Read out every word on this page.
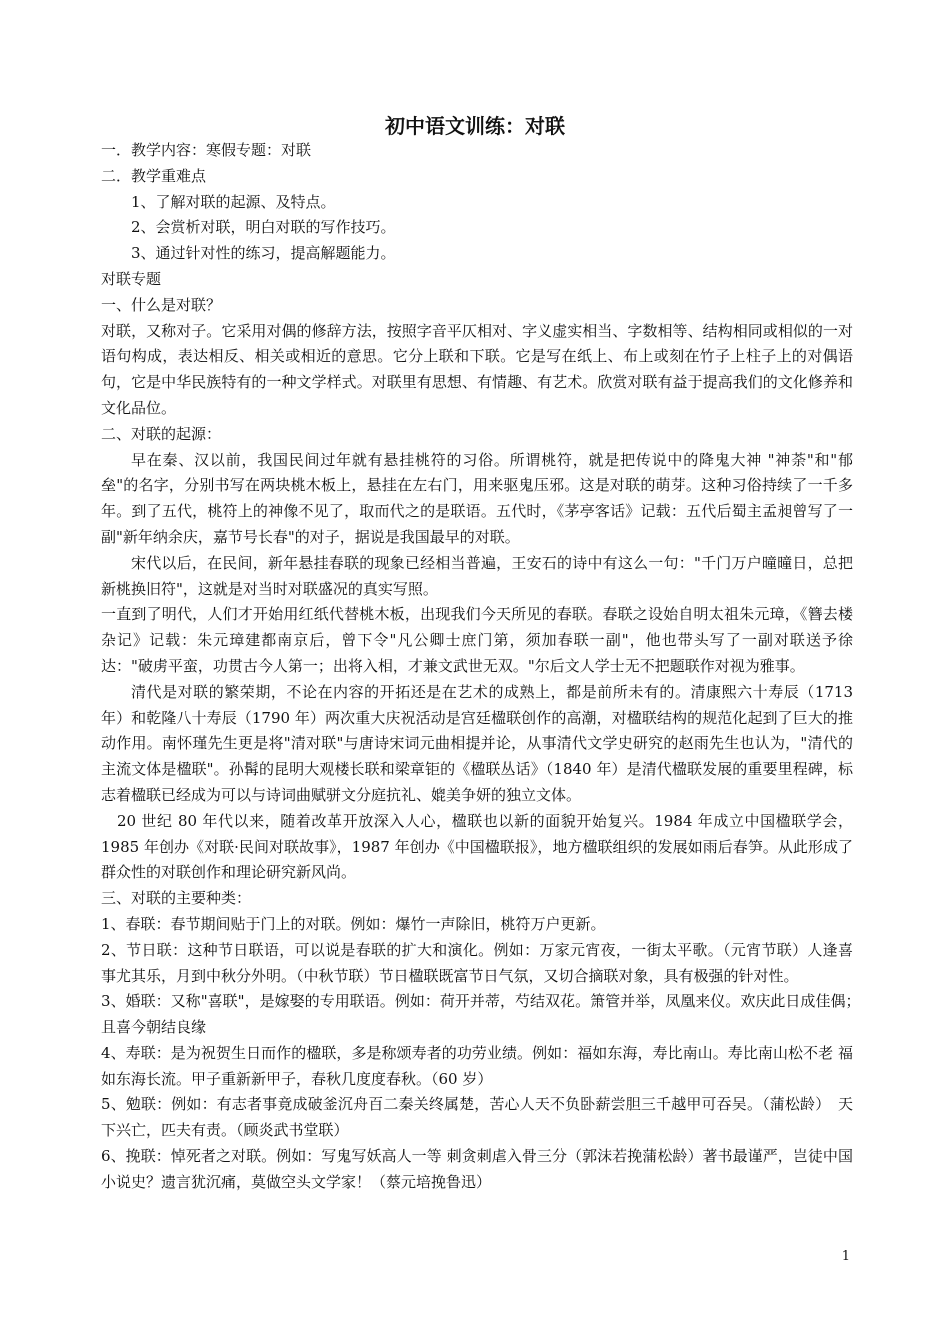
初中语文训练：对联

一．教学内容：寒假专题：对联

二．教学重难点

1、了解对联的起源、及特点。

2、会赏析对联，明白对联的写作技巧。

3、通过针对性的练习，提高解题能力。

对联专题

一、什么是对联？

对联，又称对子。它采用对偶的修辞方法，按照字音平仄相对、字义虚实相当、字数相等、结构相同或相似的一对语句构成，表达相反、相关或相近的意思。它分上联和下联。它是写在纸上、布上或刻在竹子上柱子上的对偶语句，它是中华民族特有的一种文学样式。对联里有思想、有情趣、有艺术。欣赏对联有益于提高我们的文化修养和文化品位。

二、对联的起源：

早在秦、汉以前，我国民间过年就有悬挂桃符的习俗。所谓桃符，就是把传说中的降鬼大神 "神荼"和"郁垒"的名字，分别书写在两块桃木板上，悬挂在左右门，用来驱鬼压邪。这是对联的萌芽。这种习俗持续了一千多年。到了五代，桃符上的神像不见了，取而代之的是联语。五代时，《茅亭客话》记载：五代后蜀主孟昶曾写了一副"新年纳余庆，嘉节号长春"的对子，据说是我国最早的对联。

宋代以后，在民间，新年悬挂春联的现象已经相当普遍，王安石的诗中有这么一句："千门万户曈曈日，总把新桃换旧符"，这就是对当时对联盛况的真实写照。

一直到了明代，人们才开始用红纸代替桃木板，出现我们今天所见的春联。春联之设始自明太祖朱元璋，《簪去楼杂记》记载：朱元璋建都南京后，曾下令"凡公卿士庶门第，须加春联一副"，他也带头写了一副对联送予徐达："破虏平蛮，功贯古今人第一；出将入相，才兼文武世无双。"尔后文人学士无不把题联作对视为雅事。

清代是对联的繁荣期，不论在内容的开拓还是在艺术的成熟上，都是前所未有的。清康熙六十寿辰（1713 年）和乾隆八十寿辰（1790 年）两次重大庆祝活动是宫廷楹联创作的高潮，对楹联结构的规范化起到了巨大的推动作用。南怀瑾先生更是将"清对联"与唐诗宋词元曲相提并论，从事清代文学史研究的赵雨先生也认为，"清代的主流文体是楹联"。孙髯的昆明大观楼长联和梁章钜的《楹联丛话》（1840 年）是清代楹联发展的重要里程碑，标志着楹联已经成为可以与诗词曲赋骈文分庭抗礼、媲美争妍的独立文体。

20 世纪 80 年代以来，随着改革开放深入人心，楹联也以新的面貌开始复兴。1984 年成立中国楹联学会，1985 年创办《对联·民间对联故事》，1987 年创办《中国楹联报》，地方楹联组织的发展如雨后春笋。从此形成了群众性的对联创作和理论研究新风尚。

三、对联的主要种类：

1、春联：春节期间贴于门上的对联。例如：爆竹一声除旧，桃符万户更新。

2、节日联：这种节日联语，可以说是春联的扩大和演化。例如：万家元宵夜，一街太平歌。（元宵节联）人逢喜事尤其乐，月到中秋分外明。（中秋节联）节日楹联既富节日气氛，又切合摘联对象，具有极强的针对性。

3、婚联：又称"喜联"，是嫁娶的专用联语。例如：荷开并蒂，芍结双花。箫管并举，凤凰来仪。欢庆此日成佳偶；　且喜今朝结良缘

4、寿联：是为祝贺生日而作的楹联，多是称颂寿者的功劳业绩。例如：福如东海，寿比南山。寿比南山松不老 福如东海长流。甲子重新新甲子，春秋几度度春秋。（60 岁）

5、勉联：例如：有志者事竟成破釜沉舟百二秦关终属楚，苦心人天不负卧薪尝胆三千越甲可吞吴。（蒲松龄）　天下兴亡，匹夫有责。（顾炎武书堂联）

6、挽联：悼死者之对联。例如：写鬼写妖高人一等 刺贪刺虐入骨三分（郭沫若挽蒲松龄）著书最谨严，岂徒中国小说史？遗言犹沉痛，莫做空头文学家！（蔡元培挽鲁迅）

1
